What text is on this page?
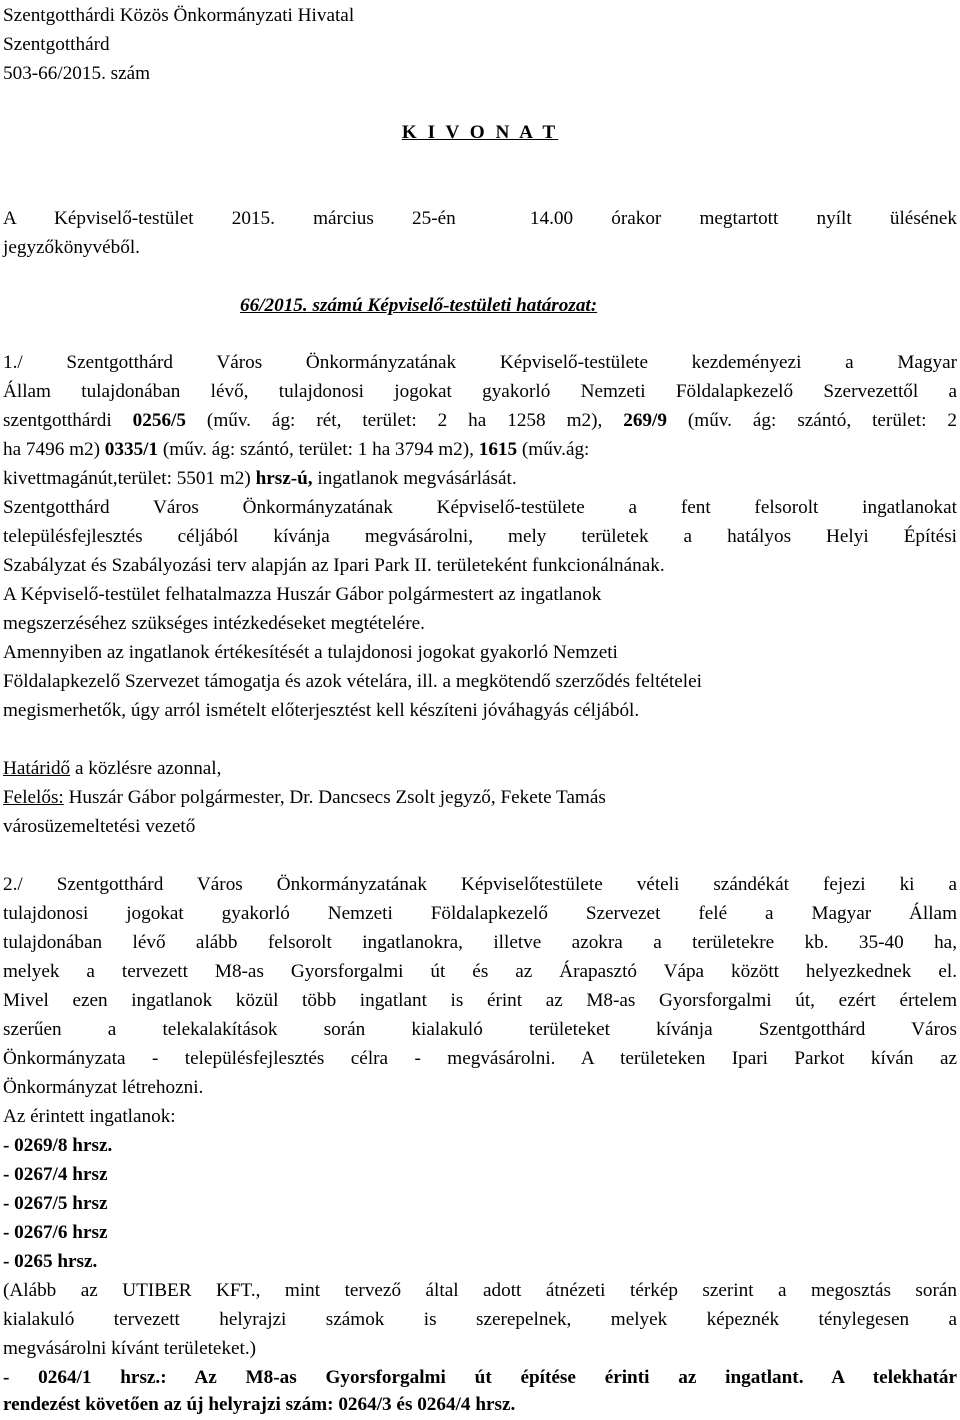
Szentgotthárdi Közös Önkormányzati Hivatal
Szentgotthárd
503-66/2015. szám
K I V O N A T
A Képviselő-testület 2015. március 25-én	14.00 órakor megtartott nyílt ülésének
jegyzőkönyvéből.
66/2015. számú Képviselő-testületi határozat:
1./ Szentgotthárd Város Önkormányzatának Képviselő-testülete kezdeményezi a Magyar
Állam tulajdonában lévő, tulajdonosi jogokat gyakorló Nemzeti Földalapkezelő Szervezettől a
szentgotthárdi 0256/5 (műv. ág: rét, terület: 2 ha 1258 m2), 269/9 (műv. ág: szántó, terület: 2
ha 7496 m2) 0335/1 (műv. ág: szántó, terület: 1 ha 3794 m2), 1615 (műv.ág:
kivettmagánút,terület: 5501 m2) hrsz-ú, ingatlanok megvásárlását.
Szentgotthárd Város Önkormányzatának Képviselő-testülete a fent felsorolt ingatlanokat
településfejlesztés céljából kívánja megvásárolni, mely területek a hatályos Helyi Építési
Szabályzat és Szabályozási terv alapján az Ipari Park II. területeként funkcionálnának.
A Képviselő-testület felhatalmazza Huszár Gábor polgármestert az ingatlanok
megszerzéséhez szükséges intézkedéseket megtételére.
Amennyiben az ingatlanok értékesítését a tulajdonosi jogokat gyakorló Nemzeti
Földalapkezelő Szervezet támogatja és azok vételára, ill. a megkötendő szerződés feltételei
megismerhetők, úgy arról ismételt előterjesztést kell készíteni jóváhagyás céljából.
Határidő a közlésre azonnal,
Felelős: Huszár Gábor polgármester, Dr. Dancsecs Zsolt jegyző, Fekete Tamás
városüzemeltetési vezető
2./ Szentgotthárd Város Önkormányzatának Képviselőtestülete vételi szándékát fejezi ki a
tulajdonosi jogokat gyakorló Nemzeti Földalapkezelő Szervezet felé a Magyar Állam
tulajdonában lévő alább felsorolt ingatlanokra, illetve azokra a területekre kb. 35-40 ha,
melyek a tervezett M8-as Gyorsforgalmi út és az Árapasztó Vápa között helyezkednek el.
Mivel ezen ingatlanok közül több ingatlant is érint az M8-as Gyorsforgalmi út, ezért értelem
szerűen a telekalakítások során kialakuló területeket kívánja Szentgotthárd Város
Önkormányzata - településfejlesztés célra - megvásárolni. A területeken Ipari Parkot kíván az
Önkormányzat létrehozni.
Az érintett ingatlanok:
- 0269/8 hrsz.
- 0267/4 hrsz
- 0267/5 hrsz
- 0267/6 hrsz
- 0265 hrsz.
(Alább az UTIBER KFT., mint tervező által adott átnézeti térkép szerint a megosztás során
kialakuló tervezett helyrajzi számok is szerepelnek, melyek képeznék ténylegesen a
megvásárolni kívánt területeket.)
- 0264/1 hrsz.: Az M8-as Gyorsforgalmi út építése érinti az ingatlant. A telekhatár
rendezést követően az új helyrajzi szám: 0264/3 és 0264/4 hrsz.
